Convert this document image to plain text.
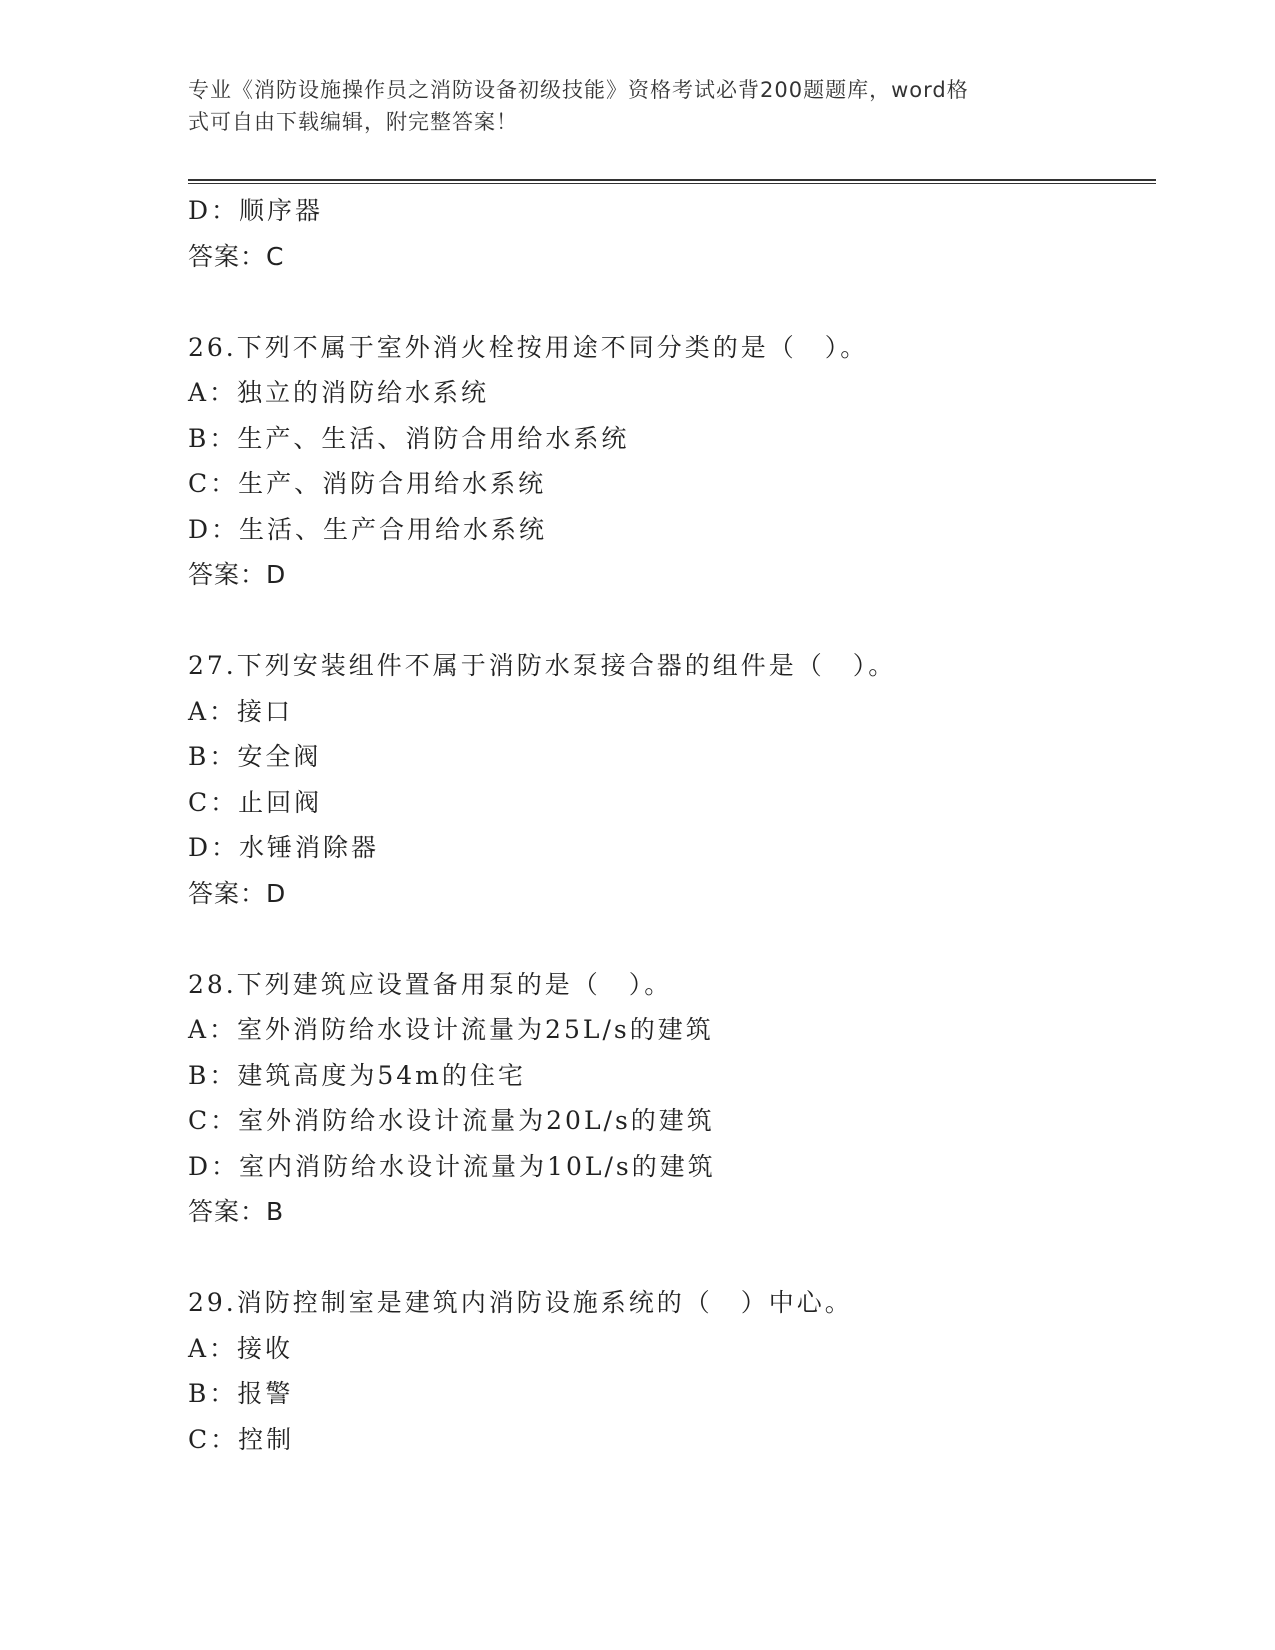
专业《消防设施操作员之消防设备初级技能》资格考试必背200题题库，word格
式可自由下载编辑，附完整答案！
D：顺序器
答案：C
26.下列不属于室外消火栓按用途不同分类的是（　）。
A：独立的消防给水系统
B：生产、生活、消防合用给水系统
C：生产、消防合用给水系统
D：生活、生产合用给水系统
答案：D
27.下列安装组件不属于消防水泵接合器的组件是（　）。
A：接口
B：安全阀
C：止回阀
D：水锤消除器
答案：D
28.下列建筑应设置备用泵的是（　）。
A：室外消防给水设计流量为25L/s的建筑
B：建筑高度为54m的住宅
C：室外消防给水设计流量为20L/s的建筑
D：室内消防给水设计流量为10L/s的建筑
答案：B
29.消防控制室是建筑内消防设施系统的（　）中心。
A：接收
B：报警
C：控制
